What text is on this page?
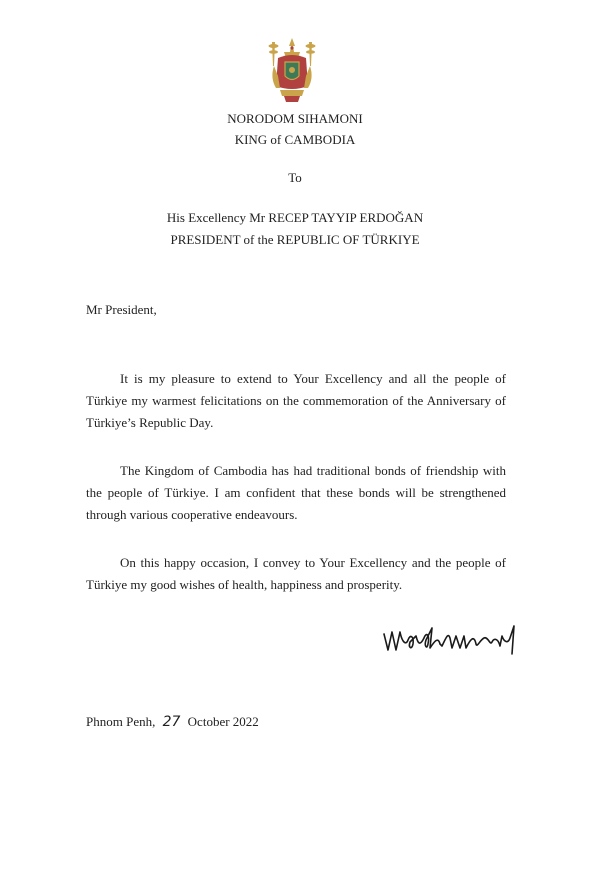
NORODOM SIHAMONI
KING of CAMBODIA
To
His Excellency Mr RECEP TAYYIP ERDOĞAN
PRESIDENT of the REPUBLIC OF TÜRKIYE
Mr President,

It is my pleasure to extend to Your Excellency and all the people of Türkiye my warmest felicitations on the commemoration of the Anniversary of Türkiye’s Republic Day.

The Kingdom of Cambodia has had traditional bonds of friendship with the people of Türkiye. I am confident that these bonds will be strengthened through various cooperative endeavours.

On this happy occasion, I convey to Your Excellency and the people of Türkiye my good wishes of health, happiness and prosperity.

Phnom Penh, 27 October 2022
